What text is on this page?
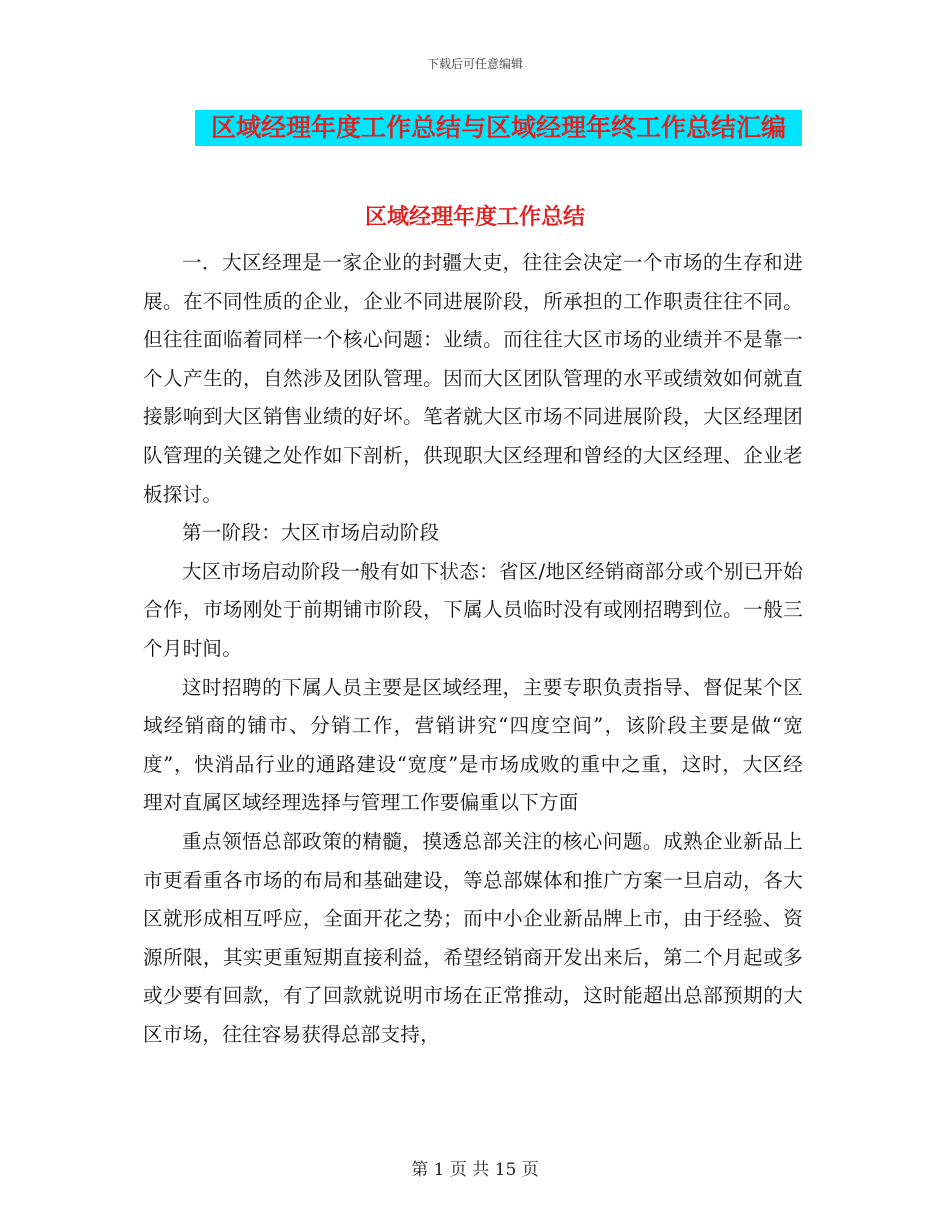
下载后可任意编辑
区域经理年度工作总结与区域经理年终工作总结汇编
区域经理年度工作总结

一．大区经理是一家企业的封疆大吏，往往会决定一个市场的生存和进展。在不同性质的企业，企业不同进展阶段，所承担的工作职责往往不同。但往往面临着同样一个核心问题：业绩。而往往大区市场的业绩并不是靠一个人产生的，自然涉及团队管理。因而大区团队管理的水平或绩效如何就直接影响到大区销售业绩的好坏。笔者就大区市场不同进展阶段，大区经理团队管理的关键之处作如下剖析，供现职大区经理和曾经的大区经理、企业老板探讨。

第一阶段：大区市场启动阶段

大区市场启动阶段一般有如下状态：省区/地区经销商部分或个别已开始合作，市场刚处于前期铺市阶段，下属人员临时没有或刚招聘到位。一般三个月时间。

这时招聘的下属人员主要是区域经理，主要专职负责指导、督促某个区域经销商的铺市、分销工作，营销讲究“四度空间”，该阶段主要是做“宽度”，快消品行业的通路建设“宽度”是市场成败的重中之重，这时，大区经理对直属区域经理选择与管理工作要偏重以下方面

重点领悟总部政策的精髓，摸透总部关注的核心问题。成熟企业新品上市更看重各市场的布局和基础建设，等总部媒体和推广方案一旦启动，各大区就形成相互呼应，全面开花之势；而中小企业新品牌上市，由于经验、资源所限，其实更重短期直接利益，希望经销商开发出来后，第二个月起或多或少要有回款，有了回款就说明市场在正常推动，这时能超出总部预期的大区市场，往往容易获得总部支持，

第 1 页 共 15 页
